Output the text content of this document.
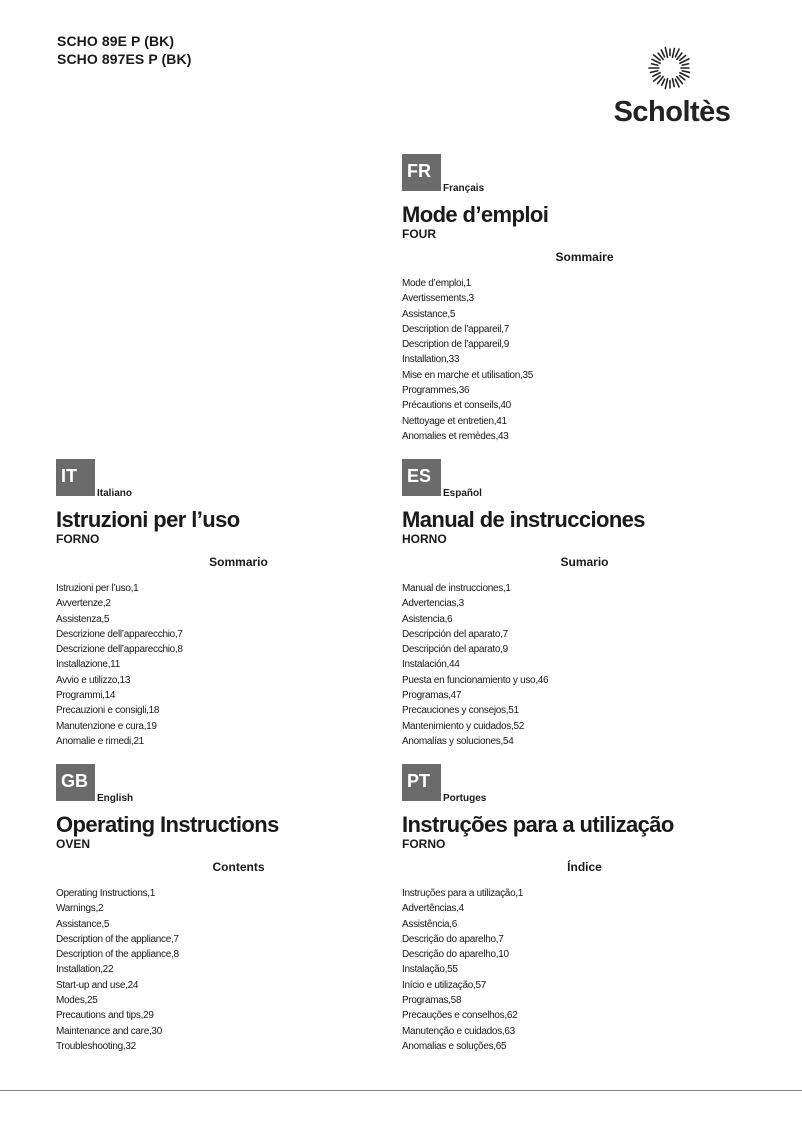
SCHO 89E P (BK)
SCHO 897ES P (BK)
Scholtès
FR
Français
Mode d’emploi
FOUR
Sommaire
Mode d’emploi,1
Avertissements,3
Assistance,5
Description de l’appareil,7
Description de l’appareil,9
Installation,33
Mise en marche et utilisation,35
Programmes,36
Précautions et conseils,40
Nettoyage et entretien,41
Anomalies et remèdes,43
IT
Italiano
Istruzioni per l’uso
FORNO
Sommario
Istruzioni per l’uso,1
Avvertenze,2
Assistenza,5
Descrizione dell’apparecchio,7
Descrizione dell’apparecchio,8
Installazione,11
Avvio e utilizzo,13
Programmi,14
Precauzioni e consigli,18
Manutenzione e cura,19
Anomalie e rimedi,21
ES
Español
Manual de instrucciones
HORNO
Sumario
Manual de instrucciones,1
Advertencias,3
Asistencia,6
Descripción del aparato,7
Descripción del aparato,9
Instalación,44
Puesta en funcionamiento y uso,46
Programas,47
Precauciones y consejos,51
Mantenimiento y cuidados,52
Anomalías y soluciones,54
GB
English
Operating Instructions
OVEN
Contents
Operating Instructions,1
Warnings,2
Assistance,5
Description of the appliance,7
Description of the appliance,8
Installation,22
Start-up and use,24
Modes,25
Precautions and tips,29
Maintenance and care,30
Troubleshooting,32
PT
Portuges
Instruções para a utilização
FORNO
Índice
Instruções para a utilização,1
Advertências,4
Assistência,6
Descrição do aparelho,7
Descrição do aparelho,10
Instalação,55
Início e utilização,57
Programas,58
Precauções e conselhos,62
Manutenção e cuidados,63
Anomalias e soluções,65
